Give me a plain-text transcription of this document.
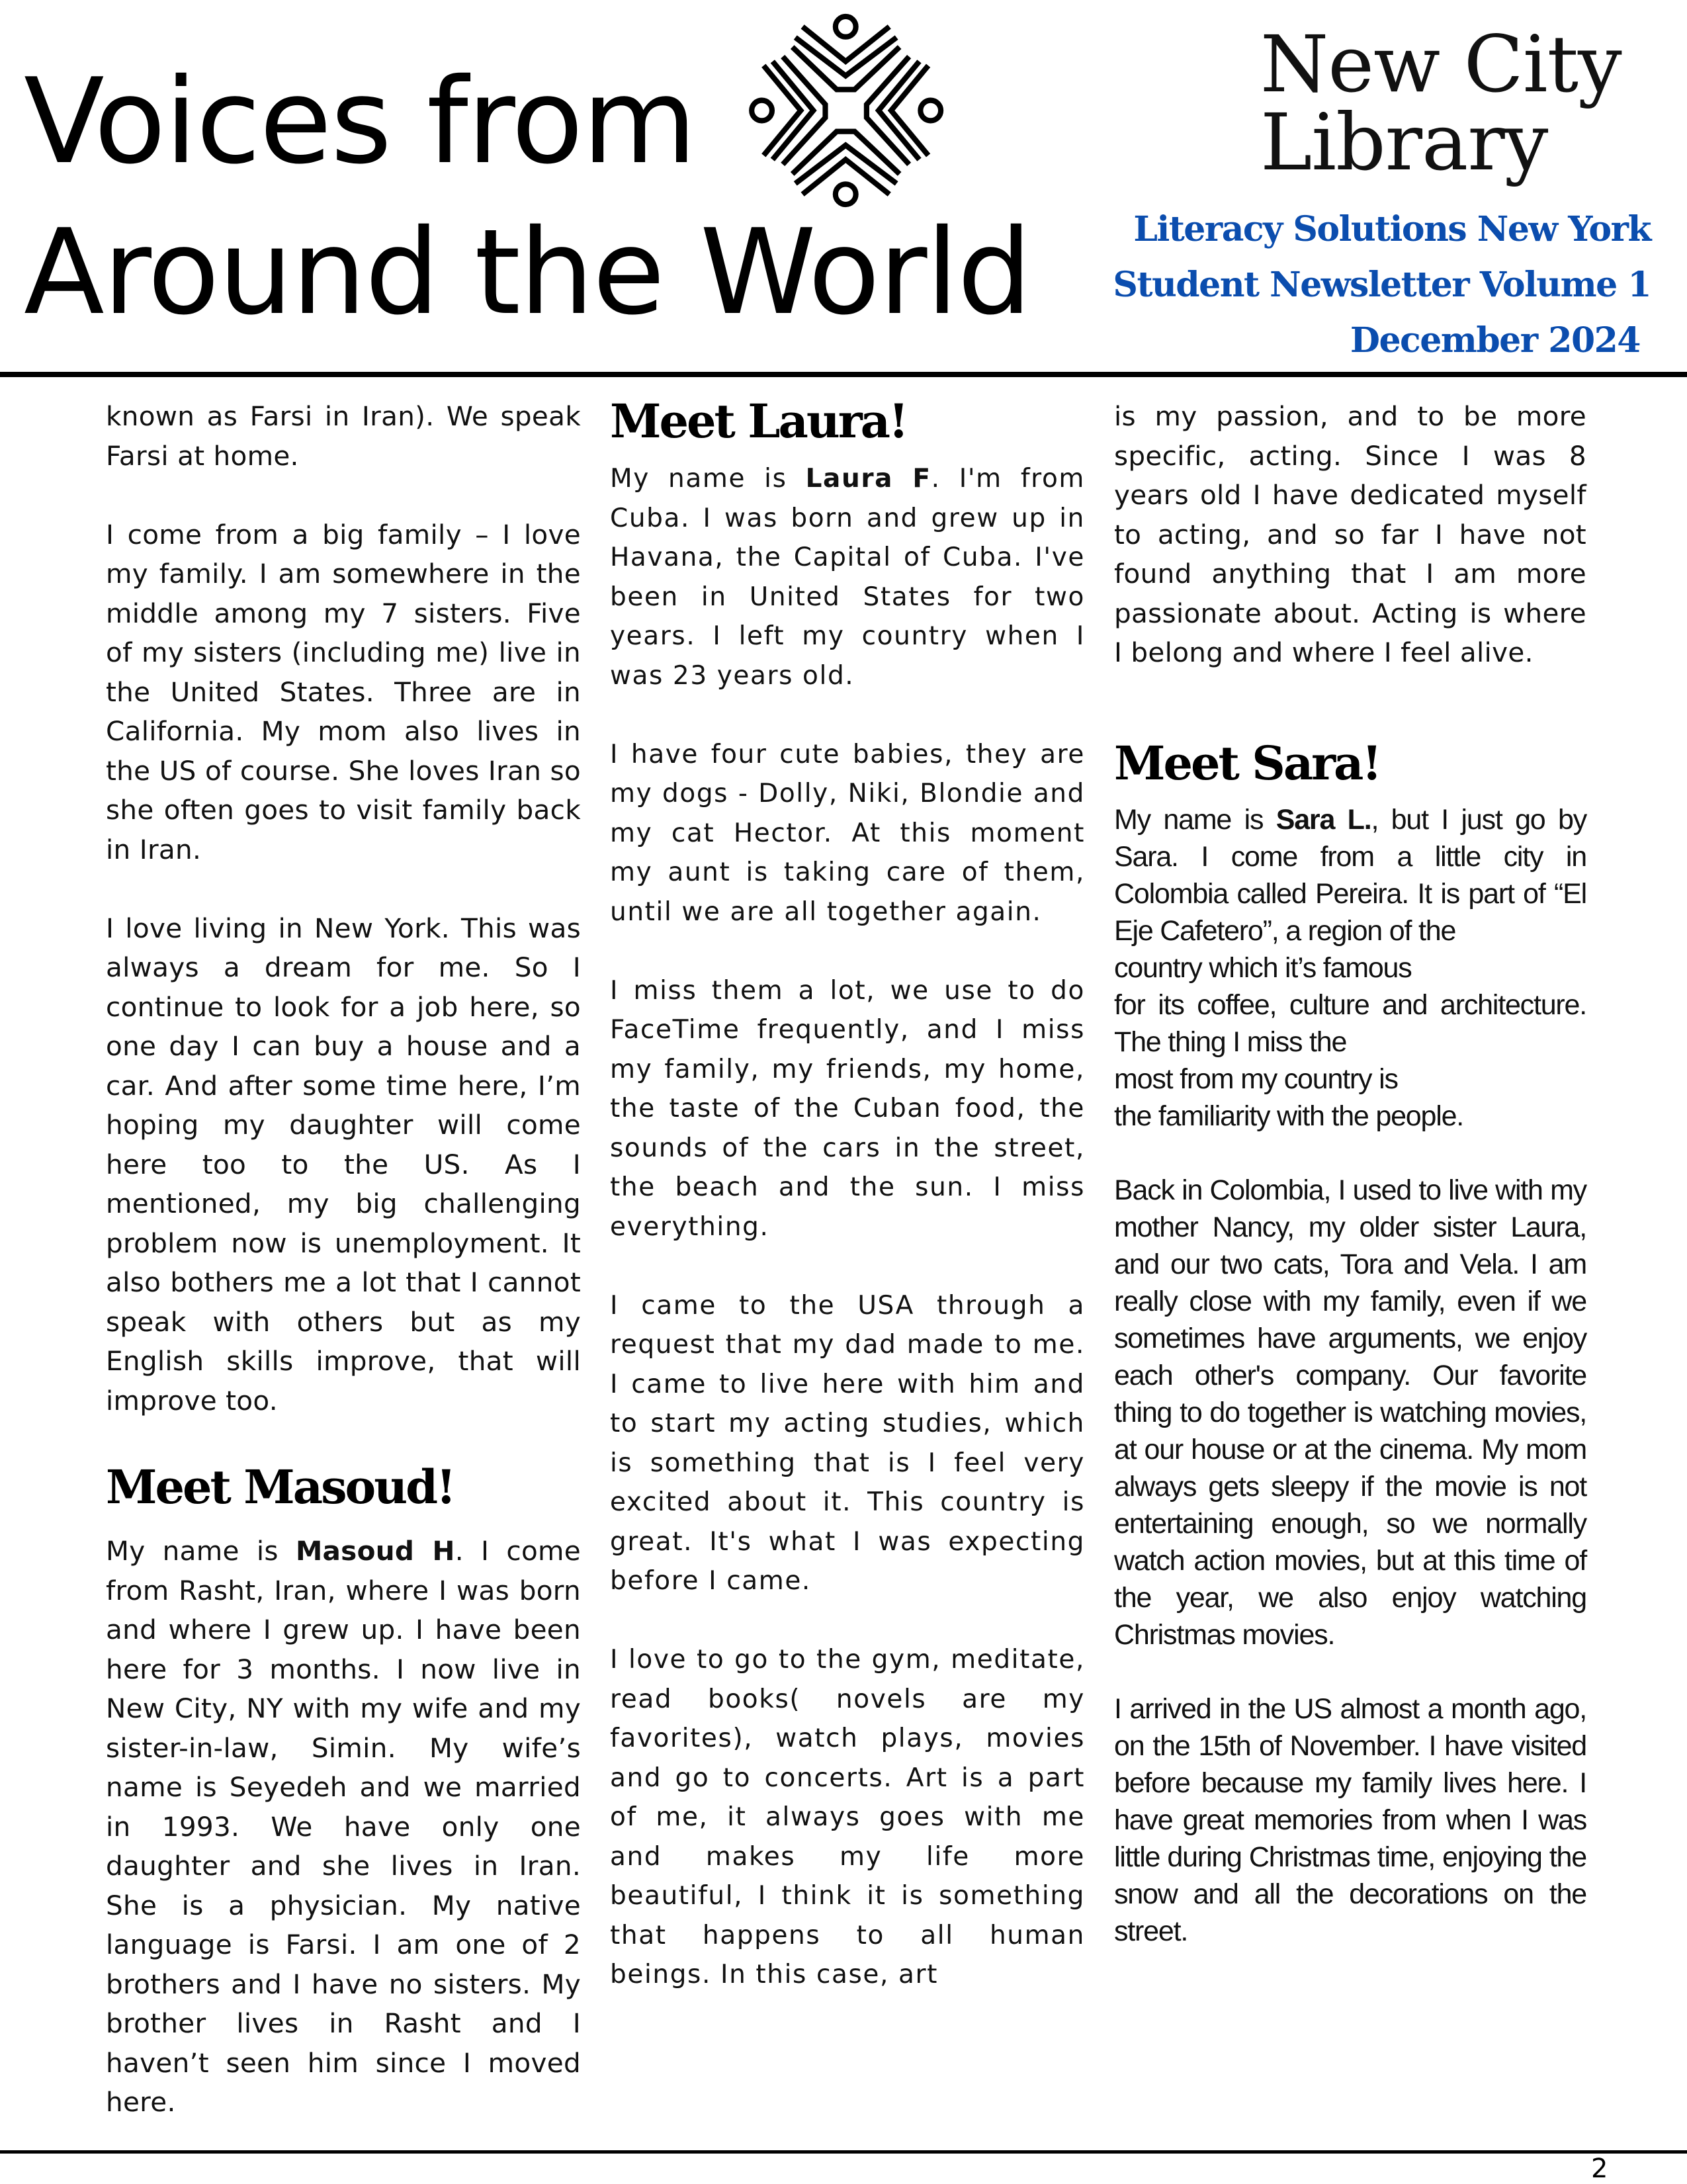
Voices from
Around the World
New City
Library
Literacy Solutions New York
Student Newsletter Volume 1
December 2024

known as Farsi in Iran). We speak Farsi at home.

I come from a big family – I love my family. I am somewhere in the middle among my 7 sisters. Five of my sisters (including me) live in the United States. Three are in California. My mom also lives in the US of course. She loves Iran so she often goes to visit family back in Iran.

I love living in New York. This was always a dream for me. So I continue to look for a job here, so one day I can buy a house and a car. And after some time here, I’m hoping my daughter will come here too to the US. As I mentioned, my big challenging problem now is unemployment. It also bothers me a lot that I cannot speak with others but as my English skills improve, that will improve too.

Meet Masoud!

My name is Masoud H. I come from Rasht, Iran, where I was born and where I grew up. I have been here for 3 months. I now live in New City, NY with my wife and my sister-in-law, Simin. My wife’s name is Seyedeh and we married in 1993. We have only one daughter and she lives in Iran. She is a physician. My native language is Farsi. I am one of 2 brothers and I have no sisters. My brother lives in Rasht and I haven’t seen him since I moved here.

Meet Laura!

My name is Laura F. I'm from Cuba. I was born and grew up in Havana, the Capital of Cuba. I've been in United States for two years. I left my country when I was 23 years old.

I have four cute babies, they are my dogs - Dolly, Niki, Blondie and my cat Hector. At this moment my aunt is taking care of them, until we are all together again.

I miss them a lot, we use to do FaceTime frequently, and I miss my family, my friends, my home, the taste of the Cuban food, the sounds of the cars in the street, the beach and the sun. I miss everything.

I came to the USA through a request that my dad made to me. I came to live here with him and to start my acting studies, which is something that is I feel very excited about it. This country is great. It's what I was expecting before I came.

I love to go to the gym, meditate, read books( novels are my favorites), watch plays, movies and go to concerts. Art is a part of me, it always goes with me and makes my life more beautiful, I think it is something that happens to all human beings. In this case, art

is my passion, and to be more specific, acting. Since I was 8 years old I have dedicated myself to acting, and so far I have not found anything that I am more passionate about. Acting is where I belong and where I feel alive.

Meet Sara!

My name is Sara L., but I just go by Sara. I come from a little city in Colombia called Pereira. It is part of “El Eje Cafetero”, a region of the
country which it’s famous
for its coffee, culture and architecture. The thing I miss the
most from my country is
the familiarity with the people.

Back in Colombia, I used to live with my mother Nancy, my older sister Laura, and our two cats, Tora and Vela. I am really close with my family, even if we sometimes have arguments, we enjoy each other's company. Our favorite thing to do together is watching movies, at our house or at the cinema. My mom always gets sleepy if the movie is not entertaining enough, so we normally watch action movies, but at this time of the year, we also enjoy watching Christmas movies.

I arrived in the US almost a month ago, on the 15th of November. I have visited before because my family lives here. I have great memories from when I was little during Christmas time, enjoying the snow and all the decorations on the street.

2
